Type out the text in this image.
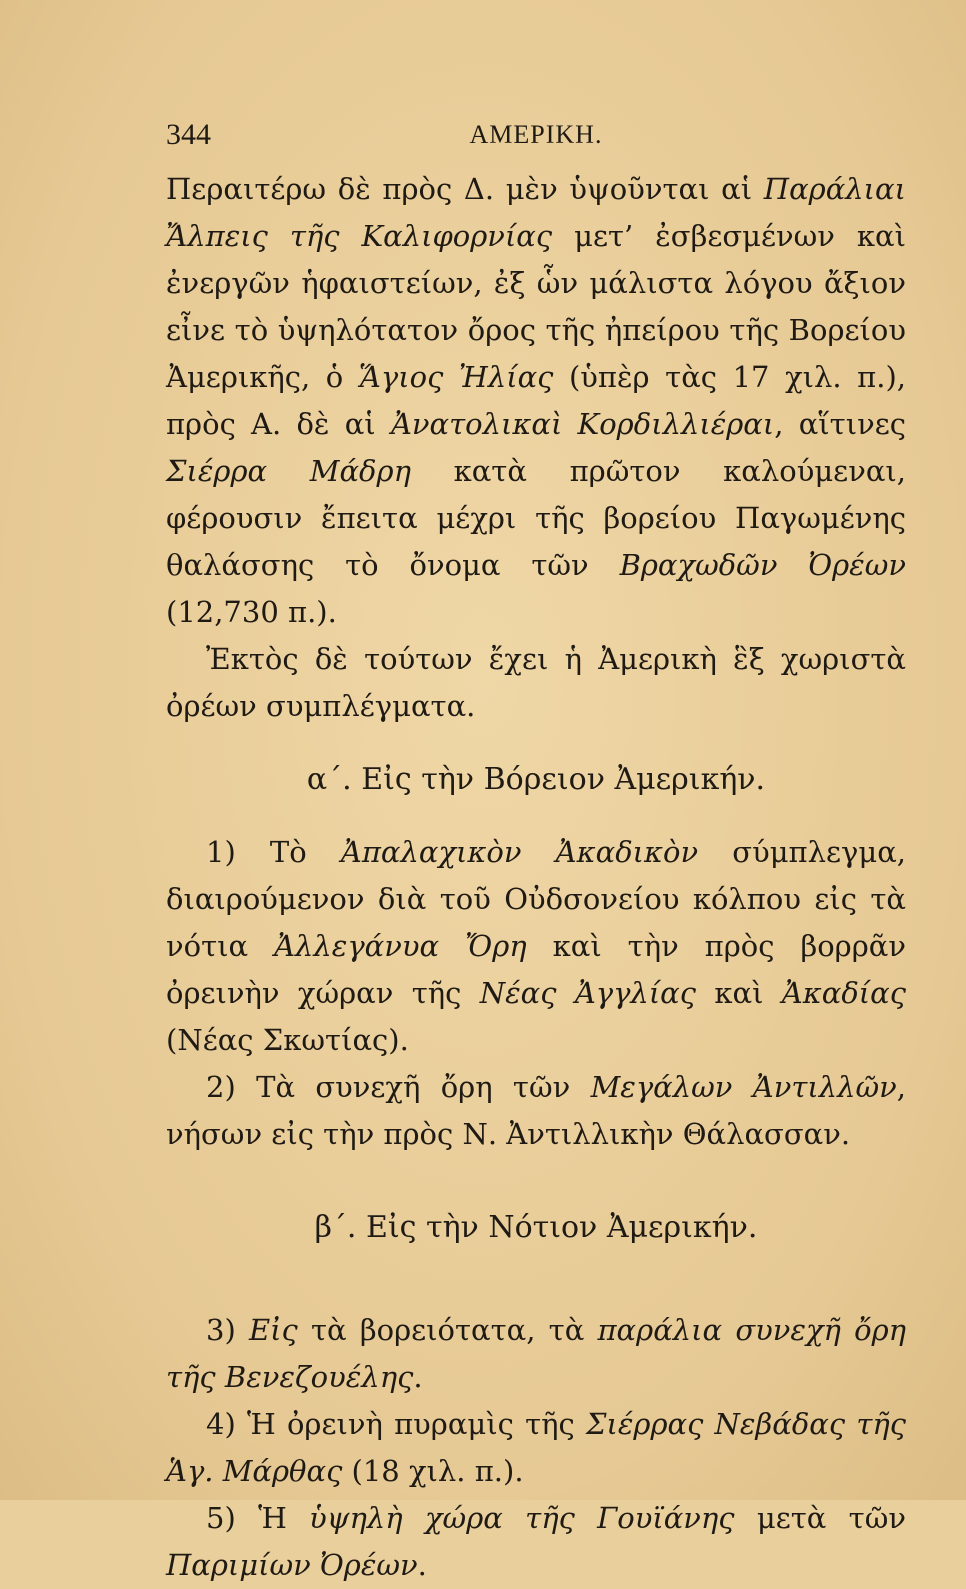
344	ΑΜΕΡΙΚΗ.

Περαιτέρω δὲ πρὸς Δ. μὲν ὑψοῦνται αἱ Παράλιαι Ἄλπεις τῆς Καλιφορνίας μετ’ ἐσβεσμένων καὶ ἐνεργῶν ἡφαιστείων, ἐξ ὧν μάλιστα λόγου ἄξιον εἶνε τὸ ὑψηλότατον ὄρος τῆς ἠπείρου τῆς Βορείου Ἀμερικῆς, ὁ Ἅγιος Ἠλίας (ὑπὲρ τὰς 17 χιλ. π.), πρὸς Α. δὲ αἱ Ἀνατολικαὶ Κορδιλλιέραι, αἵτινες Σιέρρα Μάδρη κατὰ πρῶτον καλούμεναι, φέρουσιν ἔπειτα μέχρι τῆς βορείου Παγωμένης θαλάσσης τὸ ὄνομα τῶν Βραχωδῶν Ὀρέων (12,730 π.).

Ἐκτὸς δὲ τούτων ἔχει ἡ Ἀμερικὴ ἓξ χωριστὰ ὀρέων συμπλέγματα.

α΄. Εἰς τὴν Βόρειον Ἀμερικήν.

1) Τὸ Ἀπαλαχικὸν Ἀκαδικὸν σύμπλεγμα, διαιρούμενον διὰ τοῦ Οὐδσονείου κόλπου εἰς τὰ νότια Ἀλλεγάνυα Ὄρη καὶ τὴν πρὸς βορρᾶν ὀρεινὴν χώραν τῆς Νέας Ἀγγλίας καὶ Ἀκαδίας (Νέας Σκωτίας).

2) Τὰ συνεχῆ ὄρη τῶν Μεγάλων Ἀντιλλῶν, νήσων εἰς τὴν πρὸς Ν. Ἀντιλλικὴν Θάλασσαν.

β΄. Εἰς τὴν Νότιον Ἀμερικήν.

3) Εἰς τὰ βορειότατα, τὰ παράλια συνεχῆ ὄρη τῆς Βενεζουέλης.

4) Ἡ ὀρεινὴ πυραμὶς τῆς Σιέρρας Νεβάδας τῆς Ἁγ. Μάρθας (18 χιλ. π.).

5) Ἡ ὑψηλὴ χώρα τῆς Γουϊάνης μετὰ τῶν Παριμίων Ὀρέων.
